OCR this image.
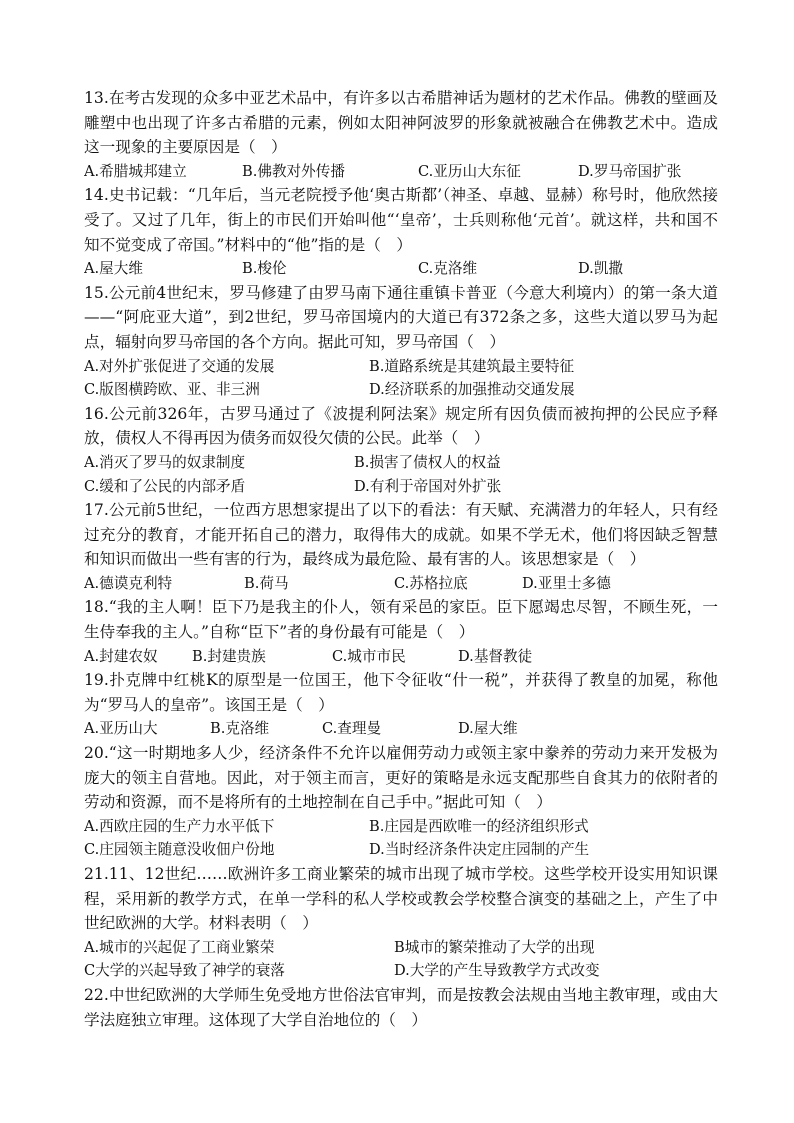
13.在考古发现的众多中亚艺术品中，有许多以古希腊神话为题材的艺术作品。佛教的壁画及雕塑中也出现了许多古希腊的元素，例如太阳神阿波罗的形象就被融合在佛教艺术中。造成这一现象的主要原因是（　）

A.希腊城邦建立	B.佛教对外传播	C.亚历山大东征	D.罗马帝国扩张

14.史书记载：“几年后，当元老院授予他‘奥古斯都’（神圣、卓越、显赫）称号时，他欣然接受了。又过了几年，街上的市民们开始叫他“‘皇帝’，士兵则称他‘元首’。就这样，共和国不知不觉变成了帝国。”材料中的“他”指的是（　）

A.屋大维	B.梭伦	C.克洛维	D.凯撒

15.公元前4世纪末，罗马修建了由罗马南下通往重镇卡普亚（今意大利境内）的第一条大道——“阿庇亚大道”，到2世纪，罗马帝国境内的大道已有372条之多，这些大道以罗马为起点，辐射向罗马帝国的各个方向。据此可知，罗马帝国（　）

A.对外扩张促进了交通的发展	B.道路系统是其建筑最主要特征
C.版图横跨欧、亚、非三洲	D.经济联系的加强推动交通发展

16.公元前326年，古罗马通过了《波提利阿法案》规定所有因负债而被拘押的公民应予释放，债权人不得再因为债务而奴役欠债的公民。此举（　）

A.消灭了罗马的奴隶制度	B.损害了债权人的权益
C.缓和了公民的内部矛盾	D.有利于帝国对外扩张

17.公元前5世纪，一位西方思想家提出了以下的看法：有天赋、充满潜力的年轻人，只有经过充分的教育，才能开拓自己的潜力，取得伟大的成就。如果不学无术，他们将因缺乏智慧和知识而做出一些有害的行为，最终成为最危险、最有害的人。该思想家是（　）

A.德谟克利特	B.荷马	C.苏格拉底	D.亚里士多德

18.“我的主人啊！臣下乃是我主的仆人，领有采邑的家臣。臣下愿竭忠尽智，不顾生死，一生侍奉我的主人。”自称“臣下”者的身份最有可能是（　）

A.封建农奴	B.封建贵族	C.城市市民	D.基督教徒

19.扑克牌中红桃K的原型是一位国王，他下令征收“什一税”，并获得了教皇的加冕，称他为“罗马人的皇帝”。该国王是（　）

A.亚历山大	B.克洛维	C.查理曼	D.屋大维

20.“这一时期地多人少，经济条件不允许以雇佣劳动力或领主家中豢养的劳动力来开发极为庞大的领主自营地。因此，对于领主而言，更好的策略是永远支配那些自食其力的依附者的劳动和资源，而不是将所有的土地控制在自己手中。”据此可知（　）

A.西欧庄园的生产力水平低下	B.庄园是西欧唯一的经济组织形式
C.庄园领主随意没收佃户份地	D.当时经济条件决定庄园制的产生

21.11、12世纪……欧洲许多工商业繁荣的城市出现了城市学校。这些学校开设实用知识课程，采用新的教学方式，在单一学科的私人学校或教会学校整合演变的基础之上，产生了中世纪欧洲的大学。材料表明（　）

A.城市的兴起促了工商业繁荣	B城市的繁荣推动了大学的出现
C大学的兴起导致了神学的衰落	D.大学的产生导致教学方式改变

22.中世纪欧洲的大学师生免受地方世俗法官审判，而是按教会法规由当地主教审理，或由大学法庭独立审理。这体现了大学自治地位的（　）
